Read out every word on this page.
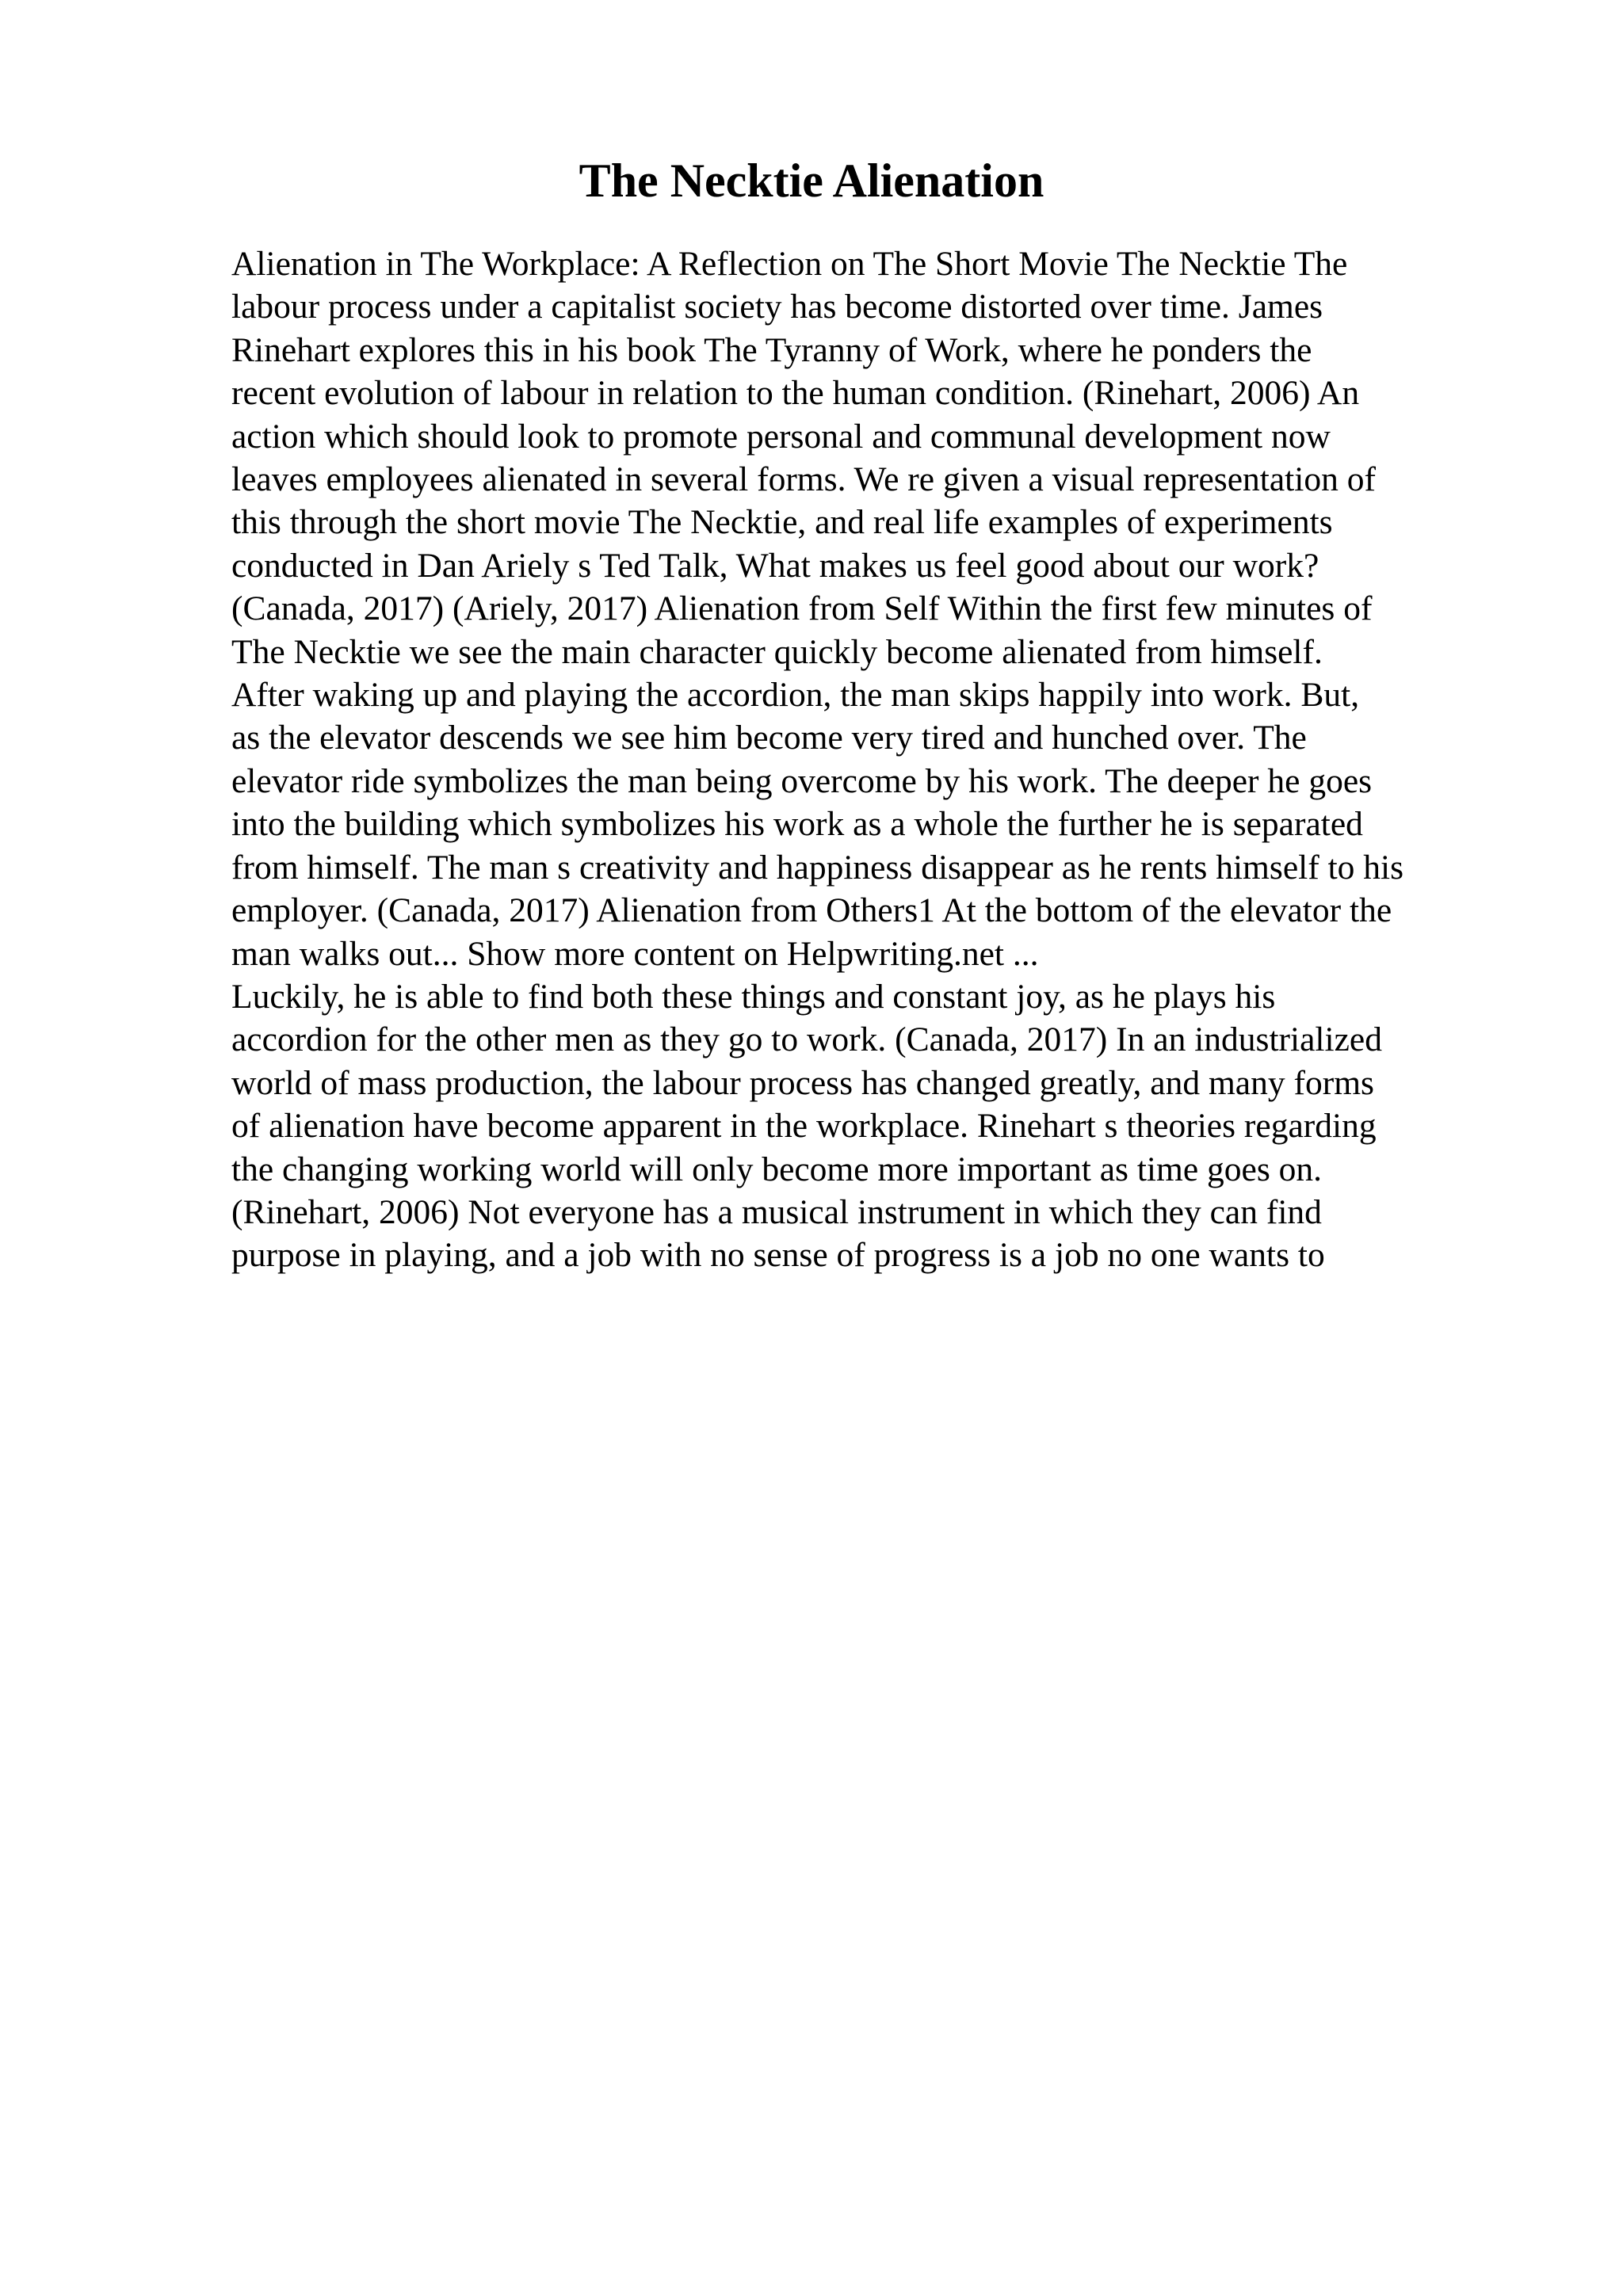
The Necktie Alienation
Alienation in The Workplace: A Reflection on The Short Movie The Necktie The
labour process under a capitalist society has become distorted over time. James
Rinehart explores this in his book The Tyranny of Work, where he ponders the
recent evolution of labour in relation to the human condition. (Rinehart, 2006) An
action which should look to promote personal and communal development now
leaves employees alienated in several forms. We re given a visual representation of
this through the short movie The Necktie, and real life examples of experiments
conducted in Dan Ariely s Ted Talk, What makes us feel good about our work?
(Canada, 2017) (Ariely, 2017) Alienation from Self Within the first few minutes of
The Necktie we see the main character quickly become alienated from himself.
After waking up and playing the accordion, the man skips happily into work. But,
as the elevator descends we see him become very tired and hunched over. The
elevator ride symbolizes the man being overcome by his work. The deeper he goes
into the building which symbolizes his work as a whole the further he is separated
from himself. The man s creativity and happiness disappear as he rents himself to his
employer. (Canada, 2017) Alienation from Others1 At the bottom of the elevator the
man walks out... Show more content on Helpwriting.net ...
Luckily, he is able to find both these things and constant joy, as he plays his
accordion for the other men as they go to work. (Canada, 2017) In an industrialized
world of mass production, the labour process has changed greatly, and many forms
of alienation have become apparent in the workplace. Rinehart s theories regarding
the changing working world will only become more important as time goes on.
(Rinehart, 2006) Not everyone has a musical instrument in which they can find
purpose in playing, and a job with no sense of progress is a job no one wants to
